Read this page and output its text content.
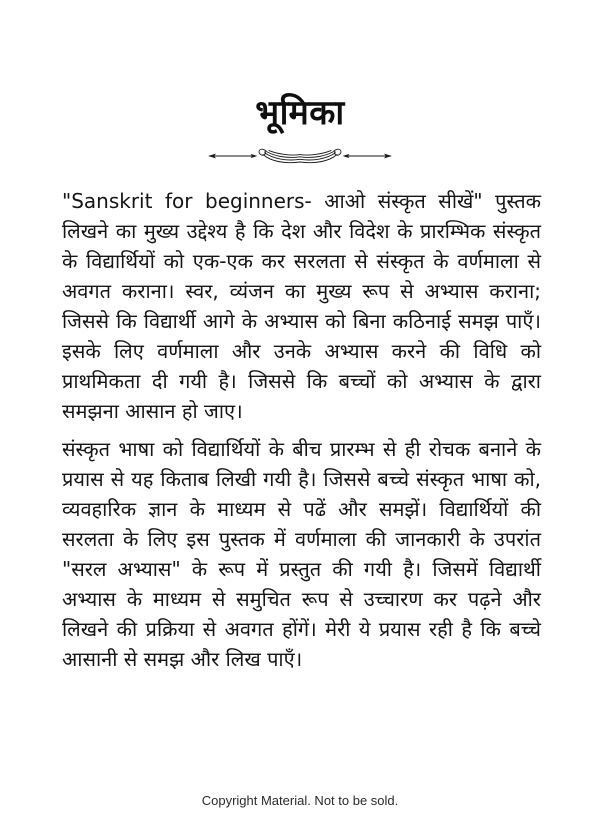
भूमिका

"Sanskrit for beginners- आओ संस्कृत सीखें" पुस्तक लिखने का मुख्य उद्देश्य है कि देश और विदेश के प्रारम्भिक संस्कृत के विद्यार्थियों को एक-एक कर सरलता से संस्कृत के वर्णमाला से अवगत कराना। स्वर, व्यंजन का मुख्य रूप से अभ्यास कराना; जिससे कि विद्यार्थी आगे के अभ्यास को बिना कठिनाई समझ पाएँ। इसके लिए वर्णमाला और उनके अभ्यास करने की विधि को प्राथमिकता दी गयी है। जिससे कि बच्चों को अभ्यास के द्वारा समझना आसान हो जाए।

संस्कृत भाषा को विद्यार्थियों के बीच प्रारम्भ से ही रोचक बनाने के प्रयास से यह किताब लिखी गयी है। जिससे बच्चे संस्कृत भाषा को, व्यवहारिक ज्ञान के माध्यम से पढें और समझें। विद्यार्थियों की सरलता के लिए इस पुस्तक में वर्णमाला की जानकारी के उपरांत "सरल अभ्यास" के रूप में प्रस्तुत की गयी है। जिसमें विद्यार्थी अभ्यास के माध्यम से समुचित रूप से उच्चारण कर पढ़ने और लिखने की प्रक्रिया से अवगत होंगें। मेरी ये प्रयास रही है कि बच्चे आसानी से समझ और लिख पाएँ।

Copyright Material. Not to be sold.
